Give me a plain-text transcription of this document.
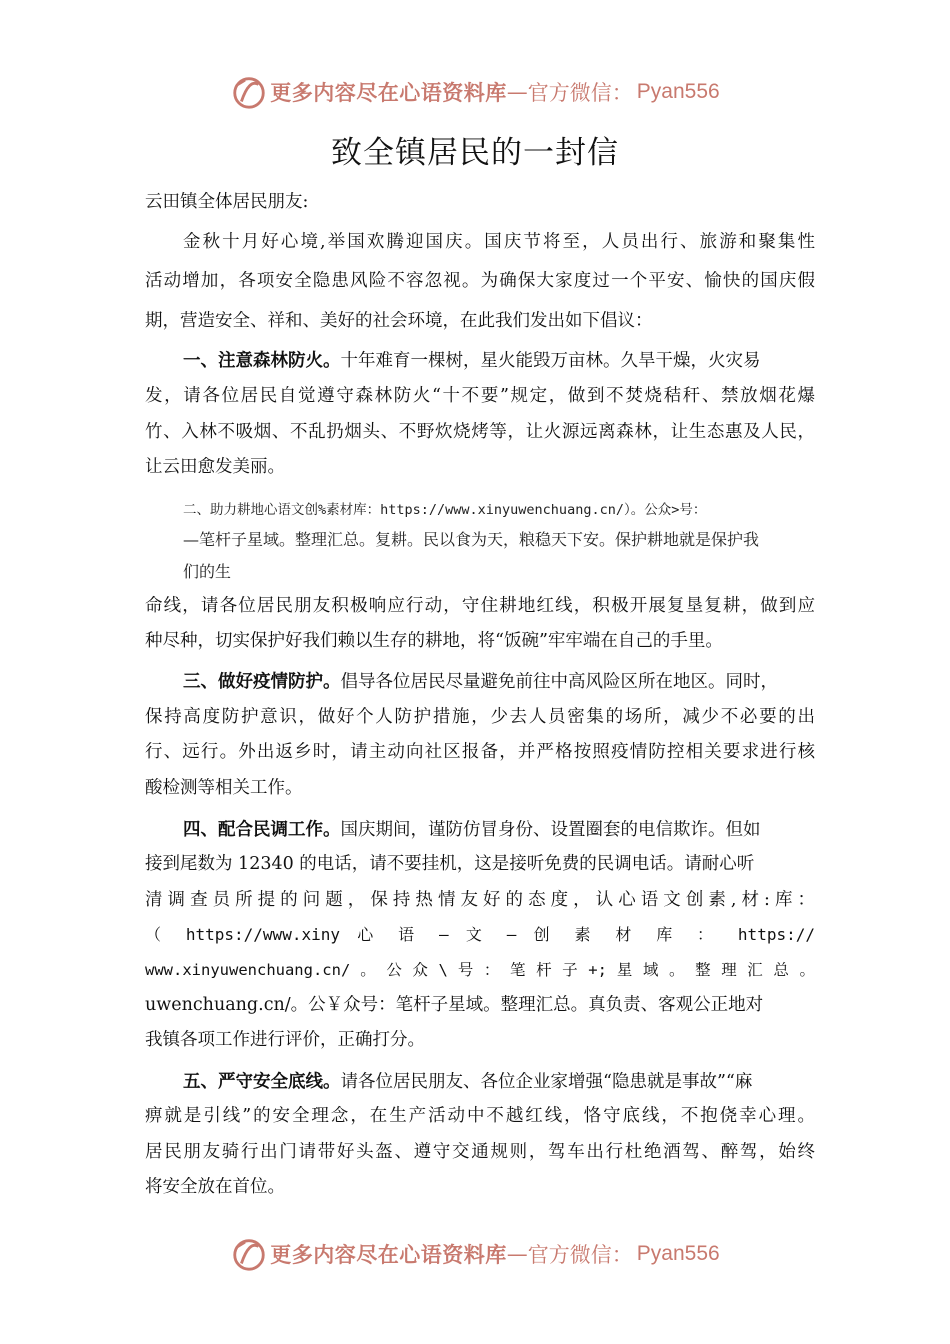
更多内容尽在心语资料库 — 官方微信： Pyan556
致全镇居民的一封信
云田镇全体居民朋友:
金秋十月好心境,举国欢腾迎国庆。国庆节将至，人员出行、旅游和聚集性
活动增加，各项安全隐患风险不容忽视。为确保大家度过一个平安、愉快的国庆假
期，营造安全、祥和、美好的社会环境，在此我们发出如下倡议：
一、注意森林防火。十年难育一棵树，星火能毁万亩林。久旱干燥，火灾易
发，请各位居民自觉遵守森林防火“十不要”规定，做到不焚烧秸秆、禁放烟花爆
竹、入林不吸烟、不乱扔烟头、不野炊烧烤等，让火源远离森林，让生态惠及人民，
让云田愈发美丽。
二、助力耕地心语文创%素材库：https://www.xinyuwenchuang.cn/）。公众>号：
—笔杆子星域。整理汇总。复耕。民以食为天，粮稳天下安。保护耕地就是保护我
们的生
命线，请各位居民朋友积极响应行动，守住耕地红线，积极开展复垦复耕，做到应
种尽种，切实保护好我们赖以生存的耕地，将“饭碗”牢牢端在自己的手里。
三、做好疫情防护。倡导各位居民尽量避免前往中高风险区所在地区。同时，
保持高度防护意识，做好个人防护措施，少去人员密集的场所，减少不必要的出
行、远行。外出返乡时，请主动向社区报备，并严格按照疫情防控相关要求进行核
酸检测等相关工作。
四、配合民调工作。国庆期间，谨防仿冒身份、设置圈套的电信欺诈。但如
接到尾数为 12340 的电话，请不要挂机，这是接听免费的民调电话。请耐心听
清调查员所提的问题，保持热情友好的态度，认心语文创素,材:库：
（ https://www.xiny 心 语 — 文 — 创 素 材 库 ： https://
www.xinyuwenchuang.cn/ 。 公 众 \ 号 ： 笔 杆 子 +; 星 域 。 整 理 汇 总 。
uwenchuang.cn/。公￥众号：笔杆子星域。整理汇总。真负责、客观公正地对
我镇各项工作进行评价，正确打分。
五、严守安全底线。请各位居民朋友、各位企业家增强“隐患就是事故”“麻
痹就是引线”的安全理念，在生产活动中不越红线，恪守底线，不抱侥幸心理。
居民朋友骑行出门请带好头盔、遵守交通规则，驾车出行杜绝酒驾、醉驾，始终
将安全放在首位。
更多内容尽在心语资料库 — 官方微信： Pyan556
